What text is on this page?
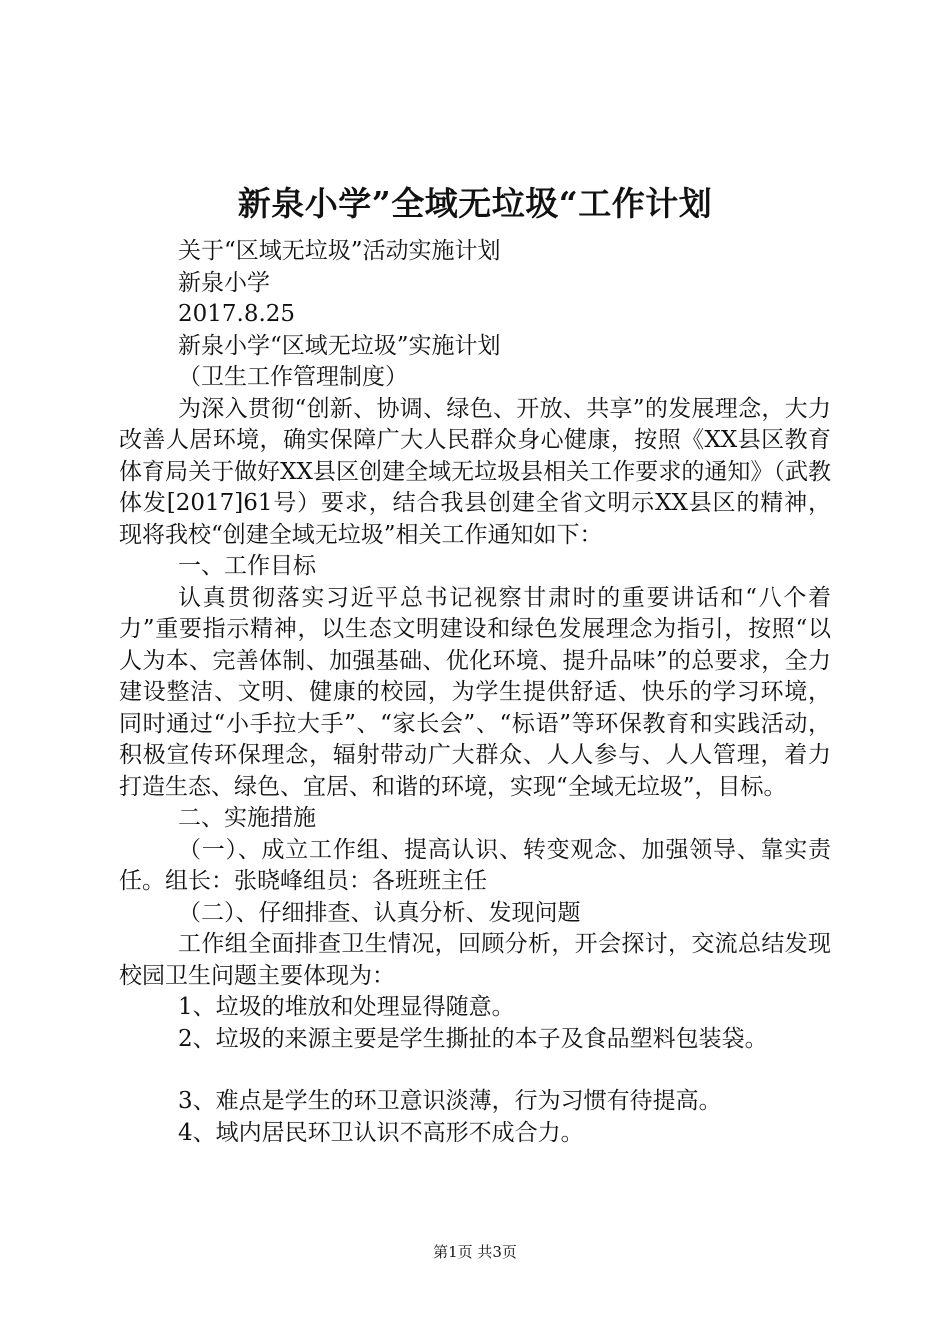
新泉小学”全域无垃圾“工作计划

关于“区域无垃圾”活动实施计划

新泉小学

2017.8.25

新泉小学“区域无垃圾”实施计划

（卫生工作管理制度）

为深入贯彻“创新、协调、绿色、开放、共享”的发展理念，大力改善人居环境，确实保障广大人民群众身心健康，按照《XX县区教育体育局关于做好XX县区创建全域无垃圾县相关工作要求的通知》（武教体发[2017]61号）要求，结合我县创建全省文明示XX县区的精神，现将我校“创建全域无垃圾”相关工作通知如下：

一、工作目标

认真贯彻落实习近平总书记视察甘肃时的重要讲话和“八个着力”重要指示精神，以生态文明建设和绿色发展理念为指引，按照“以人为本、完善体制、加强基础、优化环境、提升品味”的总要求，全力建设整洁、文明、健康的校园，为学生提供舒适、快乐的学习环境，同时通过“小手拉大手”、“家长会”、“标语”等环保教育和实践活动，积极宣传环保理念，辐射带动广大群众、人人参与、人人管理，着力打造生态、绿色、宜居、和谐的环境，实现“全域无垃圾”，目标。

二、实施措施

（一）、成立工作组、提高认识、转变观念、加强领导、靠实责任。组长：张晓峰组员：各班班主任

（二）、仔细排查、认真分析、发现问题

工作组全面排查卫生情况，回顾分析，开会探讨，交流总结发现校园卫生问题主要体现为：

1、垃圾的堆放和处理显得随意。

2、垃圾的来源主要是学生撕扯的本子及食品塑料包装袋。

3、难点是学生的环卫意识淡薄，行为习惯有待提高。

4、域内居民环卫认识不高形不成合力。

第1页 共3页
